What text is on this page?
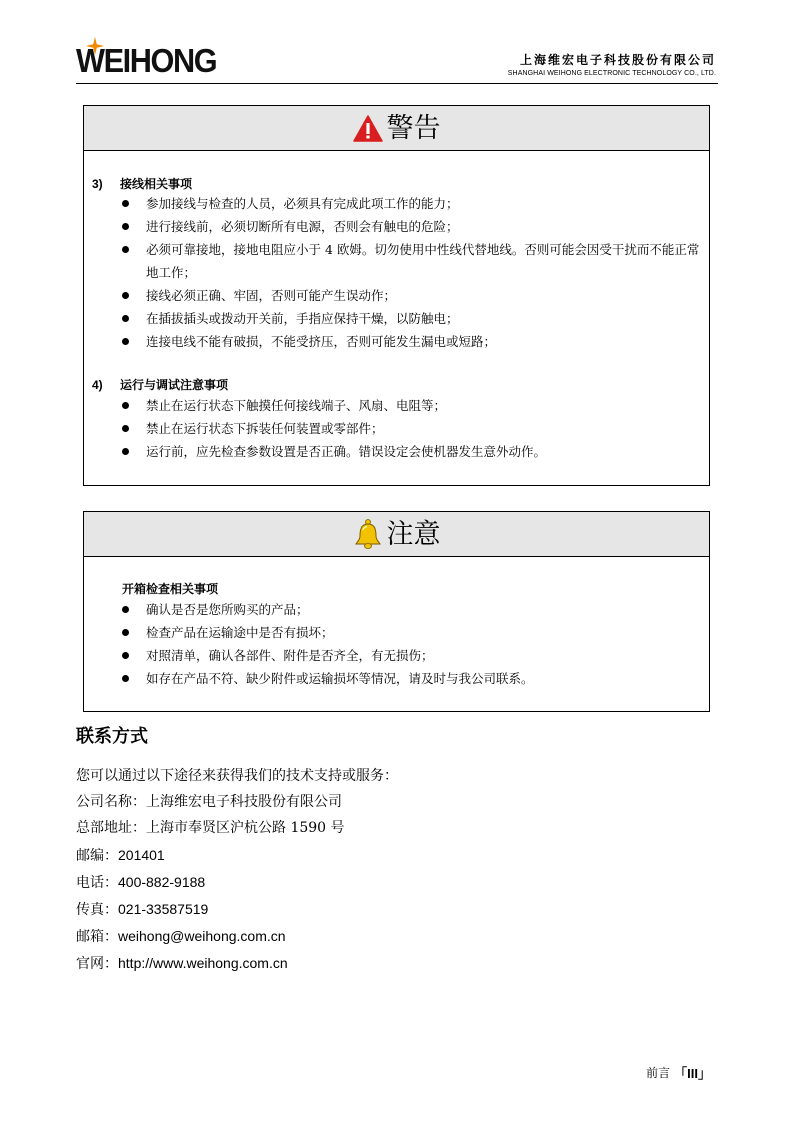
WEIHONG	上海维宏电子科技股份有限公司
SHANGHAI WEIHONG ELECTRONIC TECHNOLOGY CO., LTD.
警告
3) 接线相关事项
参加接线与检查的人员，必须具有完成此项工作的能力；
进行接线前，必须切断所有电源，否则会有触电的危险；
必须可靠接地，接地电阻应小于 4 欧姆。切勿使用中性线代替地线。否则可能会因受干扰而不能正常地工作；
接线必须正确、牢固，否则可能产生误动作；
在插拔插头或拨动开关前，手指应保持干燥，以防触电；
连接电线不能有破损，不能受挤压，否则可能发生漏电或短路；
4) 运行与调试注意事项
禁止在运行状态下触摸任何接线端子、风扇、电阻等；
禁止在运行状态下拆装任何装置或零部件；
运行前，应先检查参数设置是否正确。错误设定会使机器发生意外动作。
注意
开箱检查相关事项
确认是否是您所购买的产品；
检查产品在运输途中是否有损坏；
对照清单，确认各部件、附件是否齐全，有无损伤；
如存在产品不符、缺少附件或运输损坏等情况，请及时与我公司联系。
联系方式
您可以通过以下途径来获得我们的技术支持或服务：
公司名称：上海维宏电子科技股份有限公司
总部地址：上海市奉贤区沪杭公路 1590 号
邮编：201401
电话：400-882-9188
传真：021-33587519
邮箱：weihong@weihong.com.cn
官网：http://www.weihong.com.cn
前言 「III」
